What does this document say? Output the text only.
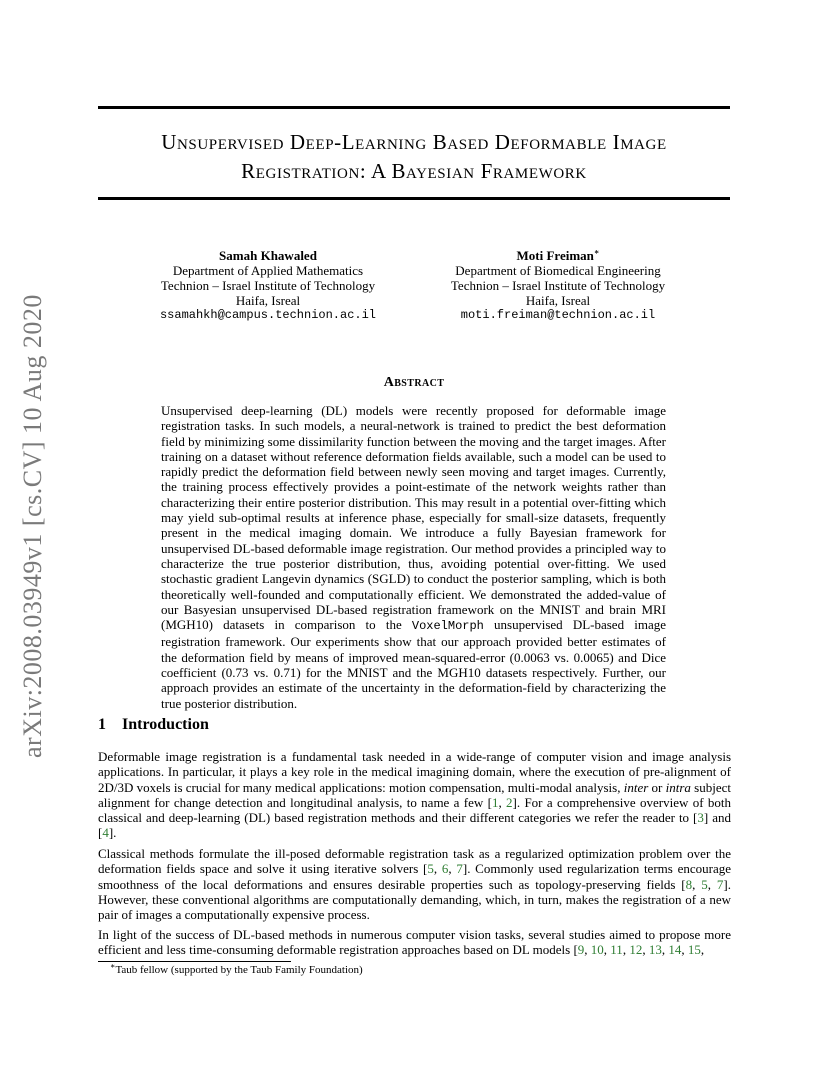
arXiv:2008.03949v1 [cs.CV] 10 Aug 2020
Unsupervised Deep-Learning Based Deformable Image
Registration: A Bayesian Framework
Samah Khawaled
Department of Applied Mathematics
Technion – Israel Institute of Technology
Haifa, Isreal
ssamahkh@campus.technion.ac.il
Moti Freiman∗
Department of Biomedical Engineering
Technion – Israel Institute of Technology
Haifa, Isreal
moti.freiman@technion.ac.il
Abstract

Unsupervised deep-learning (DL) models were recently proposed for deformable image registration tasks. In such models, a neural-network is trained to predict the best deformation field by minimizing some dissimilarity function between the moving and the target images. After training on a dataset without reference deformation fields available, such a model can be used to rapidly predict the deformation field between newly seen moving and target images. Currently, the training process effectively provides a point-estimate of the network weights rather than characterizing their entire posterior distribution. This may result in a potential over-fitting which may yield sub-optimal results at inference phase, especially for small-size datasets, frequently present in the medical imaging domain. We introduce a fully Bayesian framework for unsupervised DL-based deformable image registration. Our method provides a principled way to characterize the true posterior distribution, thus, avoiding potential over-fitting. We used stochastic gradient Langevin dynamics (SGLD) to conduct the posterior sampling, which is both theoretically well-founded and computationally efficient. We demonstrated the added-value of our Basyesian unsupervised DL-based registration framework on the MNIST and brain MRI (MGH10) datasets in comparison to the VoxelMorph unsupervised DL-based image registration framework. Our experiments show that our approach provided better estimates of the deformation field by means of improved mean-squared-error (0.0063 vs. 0.0065) and Dice coefficient (0.73 vs. 0.71) for the MNIST and the MGH10 datasets respectively. Further, our approach provides an estimate of the uncertainty in the deformation-field by characterizing the true posterior distribution.

1 Introduction

Deformable image registration is a fundamental task needed in a wide-range of computer vision and image analysis applications. In particular, it plays a key role in the medical imagining domain, where the execution of pre-alignment of 2D/3D voxels is crucial for many medical applications: motion compensation, multi-modal analysis, inter or intra subject alignment for change detection and longitudinal analysis, to name a few [1, 2]. For a comprehensive overview of both classical and deep-learning (DL) based registration methods and their different categories we refer the reader to [3] and [4].

Classical methods formulate the ill-posed deformable registration task as a regularized optimization problem over the deformation fields space and solve it using iterative solvers [5, 6, 7]. Commonly used regularization terms encourage smoothness of the local deformations and ensures desirable properties such as topology-preserving fields [8, 5, 7]. However, these conventional algorithms are computationally demanding, which, in turn, makes the registration of a new pair of images a computationally expensive process.

In light of the success of DL-based methods in numerous computer vision tasks, several studies aimed to propose more efficient and less time-consuming deformable registration approaches based on DL models [9, 10, 11, 12, 13, 14, 15,

∗Taub fellow (supported by the Taub Family Foundation)
